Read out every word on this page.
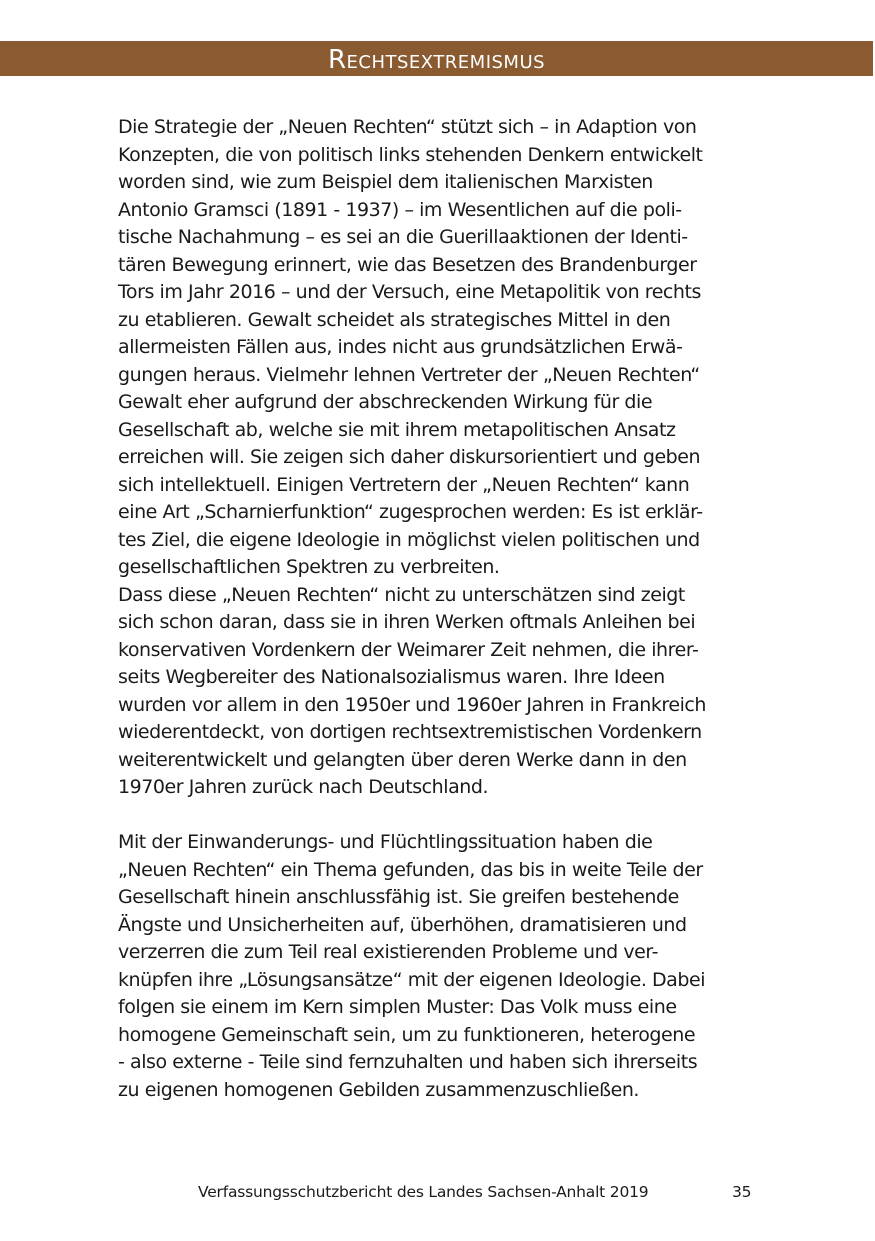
Rechtsextremismus
Die Strategie der „Neuen Rechten“ stützt sich – in Adaption von
Konzepten, die von politisch links stehenden Denkern entwickelt
worden sind, wie zum Beispiel dem italienischen Marxisten
Antonio Gramsci (1891 - 1937) – im Wesentlichen auf die poli-
tische Nachahmung – es sei an die Guerillaaktionen der Identi-
tären Bewegung erinnert, wie das Besetzen des Brandenburger
Tors im Jahr 2016 – und der Versuch, eine Metapolitik von rechts
zu etablieren. Gewalt scheidet als strategisches Mittel in den
allermeisten Fällen aus, indes nicht aus grundsätzlichen Erwä-
gungen heraus. Vielmehr lehnen Vertreter der „Neuen Rechten“
Gewalt eher aufgrund der abschreckenden Wirkung für die
Gesellschaft ab, welche sie mit ihrem metapolitischen Ansatz
erreichen will. Sie zeigen sich daher diskursorientiert und geben
sich intellektuell. Einigen Vertretern der „Neuen Rechten“ kann
eine Art „Scharnierfunktion“ zugesprochen werden: Es ist erklär-
tes Ziel, die eigene Ideologie in möglichst vielen politischen und
gesellschaftlichen Spektren zu verbreiten.
Dass diese „Neuen Rechten“ nicht zu unterschätzen sind zeigt
sich schon daran, dass sie in ihren Werken oftmals Anleihen bei
konservativen Vordenkern der Weimarer Zeit nehmen, die ihrer-
seits Wegbereiter des Nationalsozialismus waren. Ihre Ideen
wurden vor allem in den 1950er und 1960er Jahren in Frankreich
wiederentdeckt, von dortigen rechtsextremistischen Vordenkern
weiterentwickelt und gelangten über deren Werke dann in den
1970er Jahren zurück nach Deutschland.
Mit der Einwanderungs- und Flüchtlingssituation haben die
„Neuen Rechten“ ein Thema gefunden, das bis in weite Teile der
Gesellschaft hinein anschlussfähig ist. Sie greifen bestehende
Ängste und Unsicherheiten auf, überhöhen, dramatisieren und
verzerren die zum Teil real existierenden Probleme und ver-
knüpfen ihre „Lösungsansätze“ mit der eigenen Ideologie. Dabei
folgen sie einem im Kern simplen Muster: Das Volk muss eine
homogene Gemeinschaft sein, um zu funktioneren, heterogene
- also externe - Teile sind fernzuhalten und haben sich ihrerseits
zu eigenen homogenen Gebilden zusammenzuschließen.
Verfassungsschutzbericht des Landes Sachsen-Anhalt 2019	35
